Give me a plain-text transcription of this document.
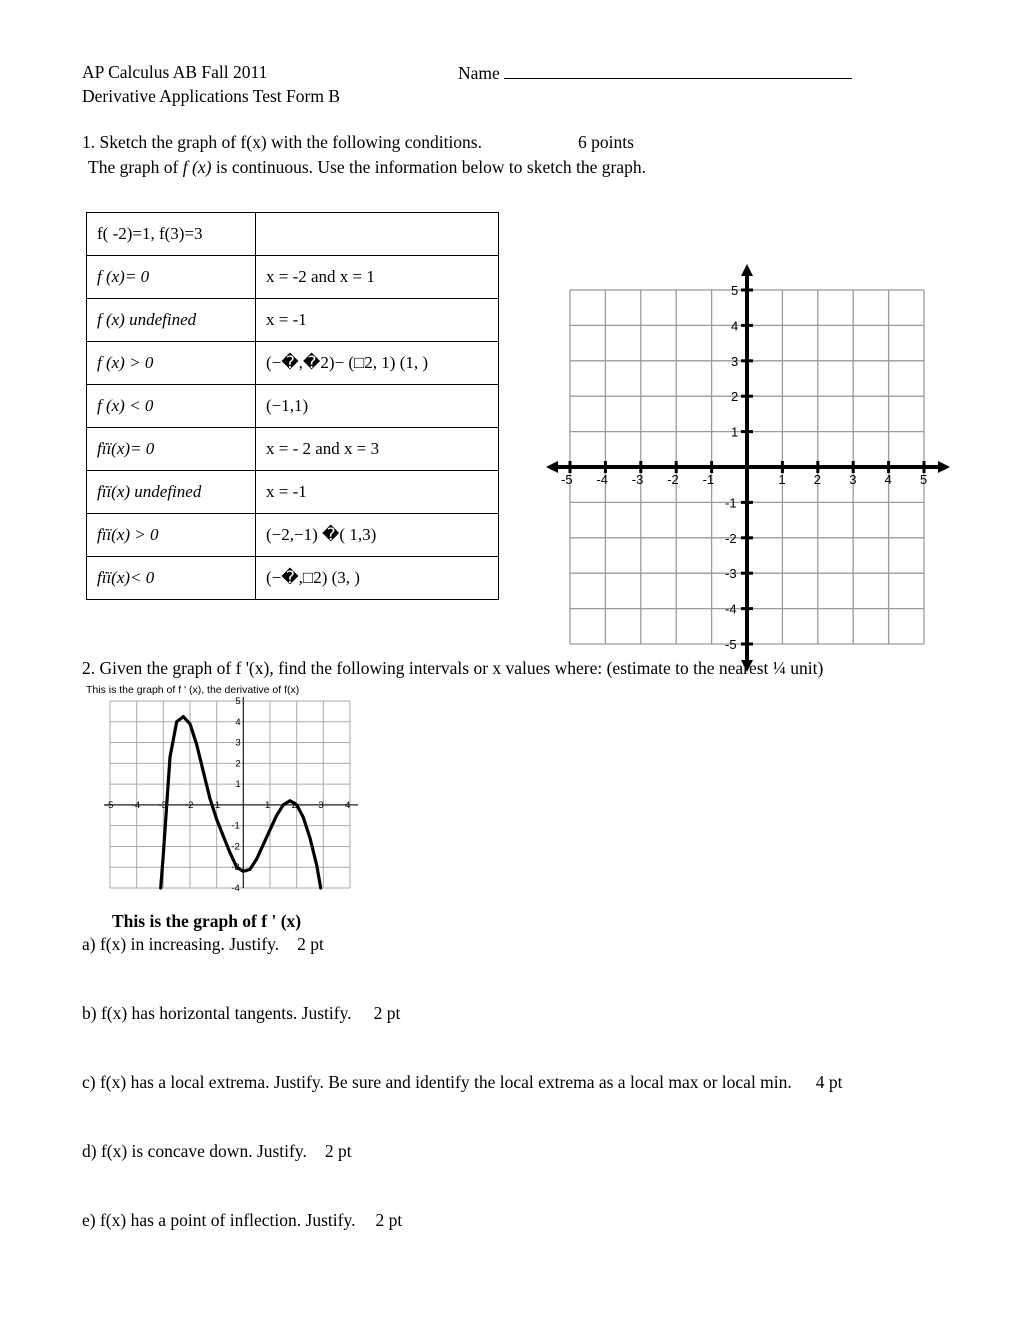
AP Calculus AB Fall 2011	Name
Derivative Applications Test Form B
1. Sketch the graph of f(x) with the following conditions.	6 points
The graph of f (x) is continuous. Use the information below to sketch the graph.
f( -2)=1, f(3)=3	
f (x)= 0	x = -2 and x = 1
f (x) undefined	x = -1
f (x) > 0	(−�,�2)− (□2, 1) (1, )
f (x) < 0	(−1,1)
fïï(x)= 0	x = - 2 and x = 3
fïï(x) undefined	x = -1
fïï(x) > 0	(−2,−1) �( 1,3)
fïï(x)< 0	(−�,□2) (3, )
-5 -4 -3 -2 -1	1 2 3 4 5
5
4
3
2
1
-1
-2
-3
-4
-5
2. Given the graph of f '(x), find the following intervals or x values where: (estimate to the nearest ¼ unit)
This is the graph of f ' (x), the derivative of f(x)
-5 -4 -3 -2 -1	1 2 3 4
5
4
3
2
1
-1
-2
-3
-4
This is the graph of f ' (x)
a) f(x) in increasing. Justify. 2 pt
b) f(x) has horizontal tangents. Justify. 2 pt
c) f(x) has a local extrema. Justify. Be sure and identify the local extrema as a local max or local min. 4 pt
d) f(x) is concave down. Justify. 2 pt
e) f(x) has a point of inflection. Justify. 2 pt
